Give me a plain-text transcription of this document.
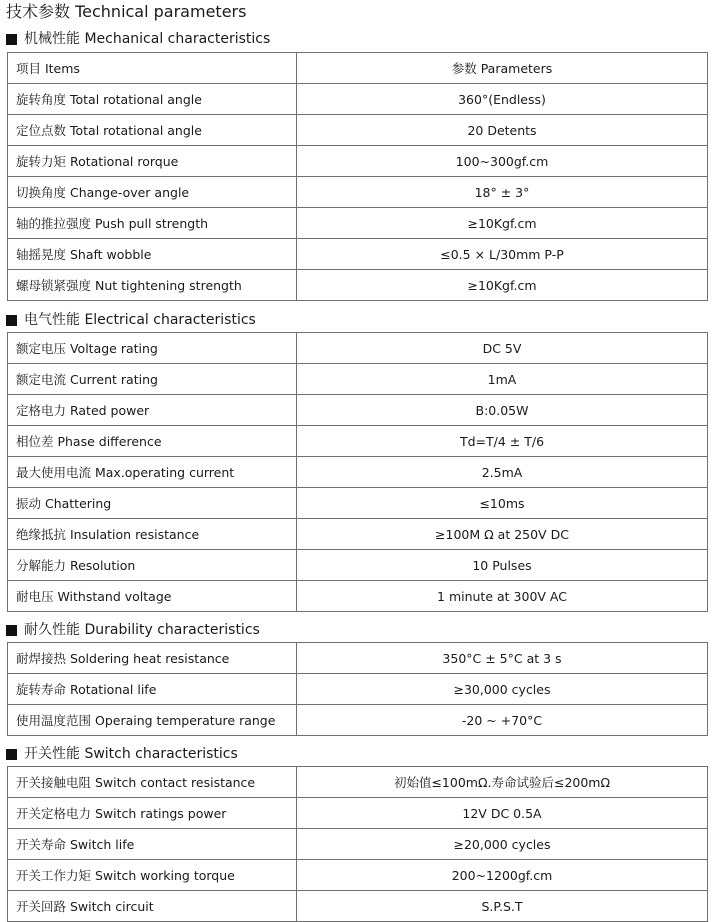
技术参数 Technical parameters
机械性能 Mechanical characteristics
项目 Items	参数 Parameters
旋转角度 Total rotational angle	360°(Endless)
定位点数 Total rotational angle	20 Detents
旋转力矩 Rotational rorque	100~300gf.cm
切换角度 Change-over angle	18° ± 3°
轴的推拉强度 Push pull strength	≥10Kgf.cm
轴摇晃度 Shaft wobble	≤0.5 × L/30mm P-P
螺母锁紧强度 Nut tightening strength	≥10Kgf.cm
电气性能 Electrical characteristics
额定电压 Voltage rating	DC 5V
额定电流 Current rating	1mA
定格电力 Rated power	B:0.05W
相位差 Phase difference	Td=T/4 ± T/6
最大使用电流 Max.operating current	2.5mA
振动 Chattering	≤10ms
绝缘抵抗 Insulation resistance	≥100M Ω at 250V DC
分解能力 Resolution	10 Pulses
耐电压 Withstand voltage	1 minute at 300V AC
耐久性能 Durability characteristics
耐焊接热 Soldering heat resistance	350°C ± 5°C at 3 s
旋转寿命 Rotational life	≥30,000 cycles
使用温度范围 Operaing temperature range	-20 ~ +70°C
开关性能 Switch characteristics
开关接触电阻 Switch contact resistance	初始值≤100mΩ.寿命试验后≤200mΩ
开关定格电力 Switch ratings power	12V DC 0.5A
开关寿命 Switch life	≥20,000 cycles
开关工作力矩 Switch working torque	200~1200gf.cm
开关回路 Switch circuit	S.P.S.T
